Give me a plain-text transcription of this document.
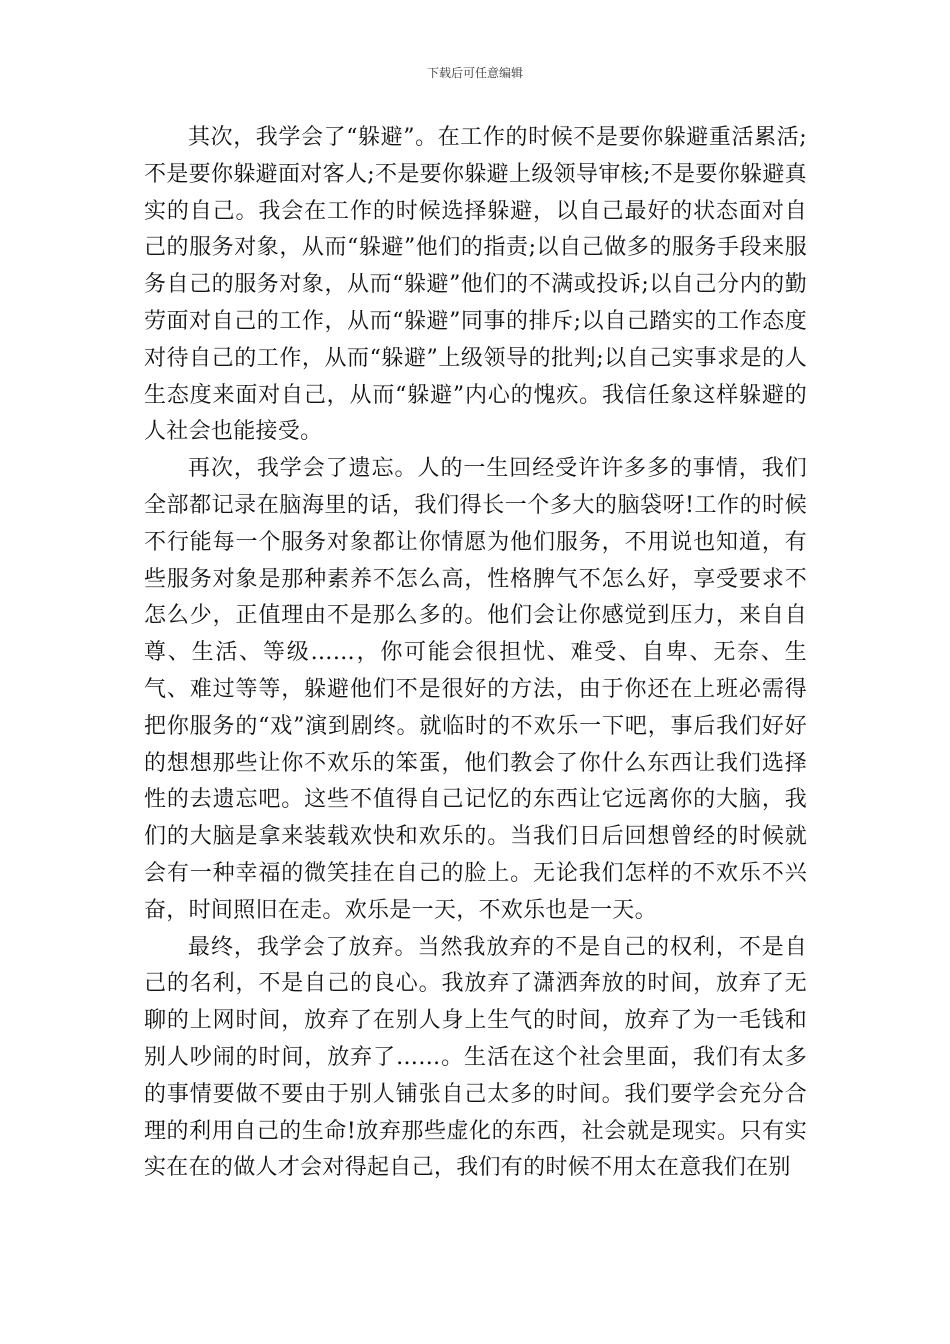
下载后可任意编辑

其次，我学会了“躲避”。在工作的时候不是要你躲避重活累活;不是要你躲避面对客人;不是要你躲避上级领导审核;不是要你躲避真实的自己。我会在工作的时候选择躲避，以自己最好的状态面对自己的服务对象，从而“躲避”他们的指责;以自己做多的服务手段来服务自己的服务对象，从而“躲避”他们的不满或投诉;以自己分内的勤劳面对自己的工作，从而“躲避”同事的排斥;以自己踏实的工作态度对待自己的工作，从而“躲避”上级领导的批判;以自己实事求是的人生态度来面对自己，从而“躲避”内心的愧疚。我信任象这样躲避的人社会也能接受。

再次，我学会了遗忘。人的一生回经受许许多多的事情，我们全部都记录在脑海里的话，我们得长一个多大的脑袋呀!工作的时候不行能每一个服务对象都让你情愿为他们服务，不用说也知道，有些服务对象是那种素养不怎么高，性格脾气不怎么好，享受要求不怎么少，正值理由不是那么多的。他们会让你感觉到压力，来自自尊、生活、等级……，你可能会很担忧、难受、自卑、无奈、生气、难过等等，躲避他们不是很好的方法，由于你还在上班必需得把你服务的“戏”演到剧终。就临时的不欢乐一下吧，事后我们好好的想想那些让你不欢乐的笨蛋，他们教会了你什么东西让我们选择性的去遗忘吧。这些不值得自己记忆的东西让它远离你的大脑，我们的大脑是拿来装载欢快和欢乐的。当我们日后回想曾经的时候就会有一种幸福的微笑挂在自己的脸上。无论我们怎样的不欢乐不兴奋，时间照旧在走。欢乐是一天，不欢乐也是一天。

最终，我学会了放弃。当然我放弃的不是自己的权利，不是自己的名利，不是自己的良心。我放弃了潇洒奔放的时间，放弃了无聊的上网时间，放弃了在别人身上生气的时间，放弃了为一毛钱和别人吵闹的时间，放弃了……。生活在这个社会里面，我们有太多的事情要做不要由于别人铺张自己太多的时间。我们要学会充分合理的利用自己的生命!放弃那些虚化的东西，社会就是现实。只有实实在在的做人才会对得起自己，我们有的时候不用太在意我们在别
